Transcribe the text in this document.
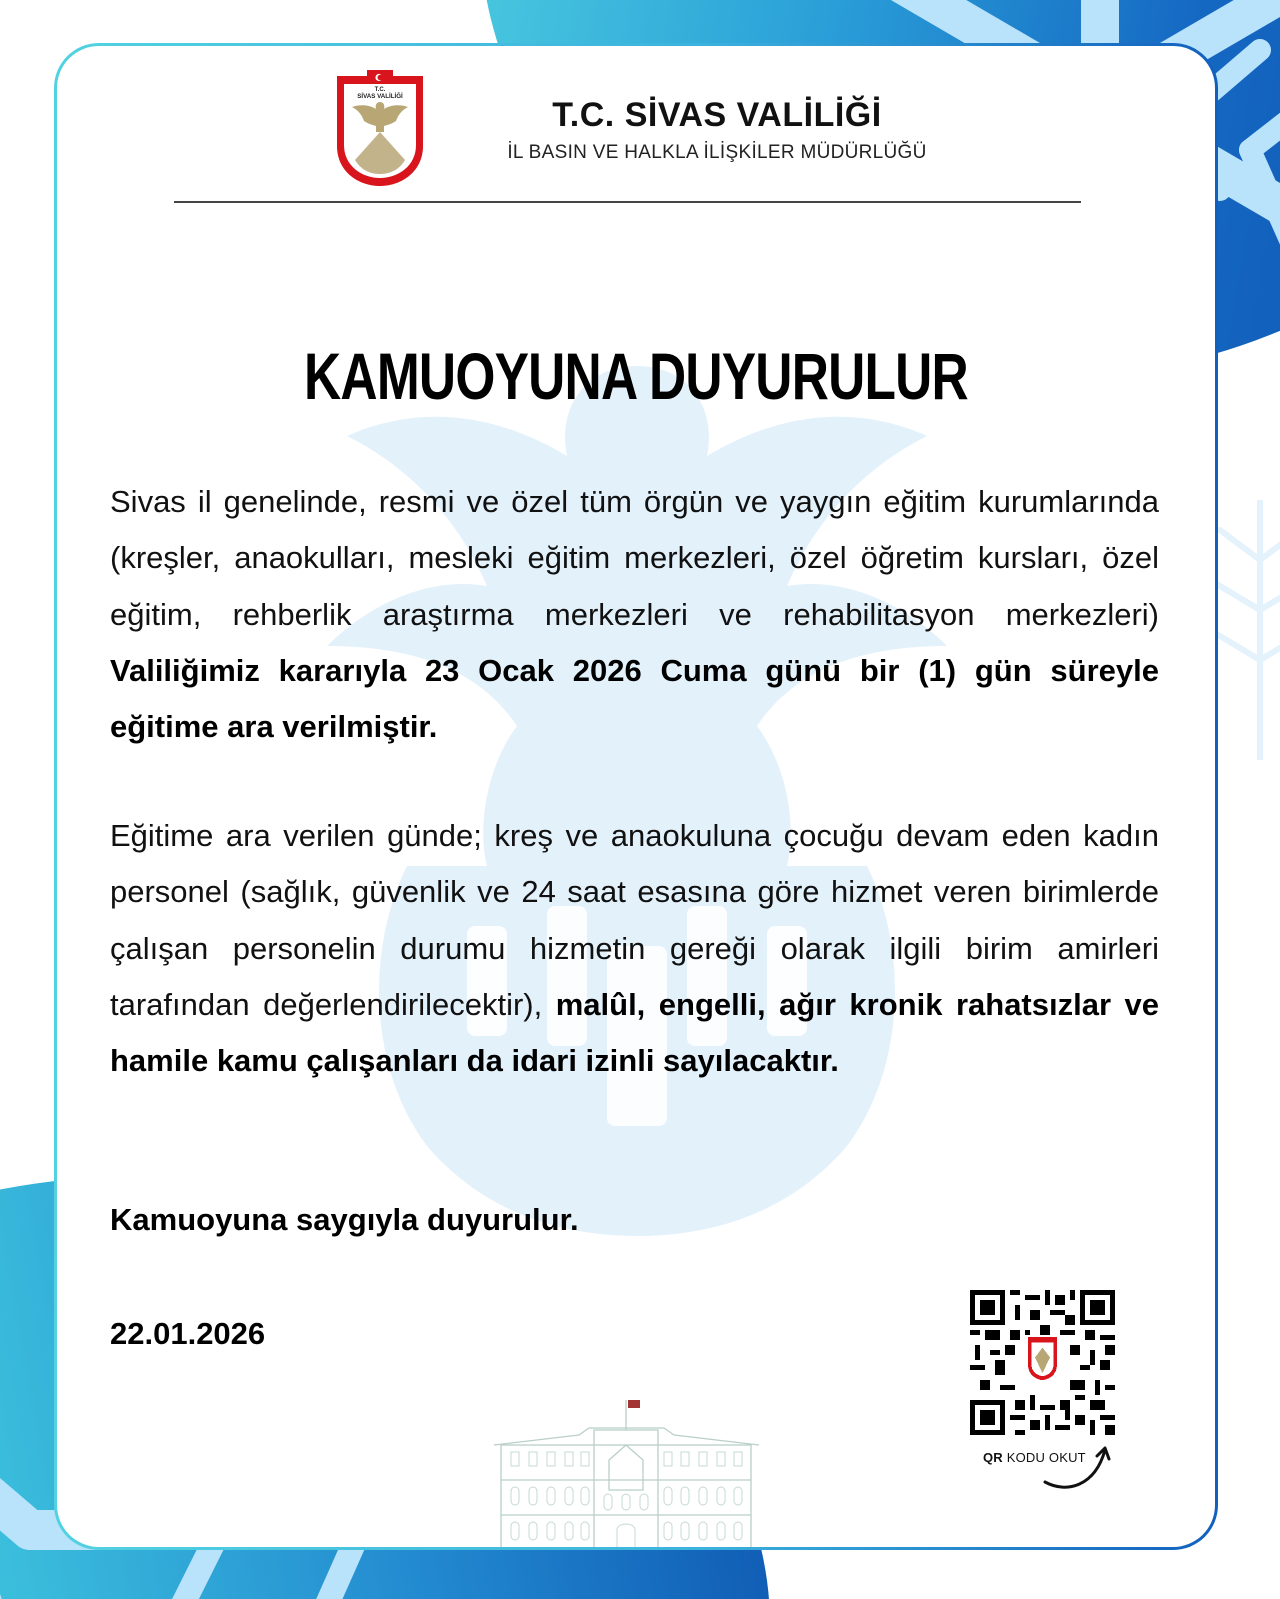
T.C.
SİVAS VALİLİĞİ	T.C. SİVAS VALİLİĞİ
İL BASIN VE HALKLA İLİŞKİLER MÜDÜRLÜĞÜ
KAMUOYUNA DUYURULUR
Sivas il genelinde, resmi ve özel tüm örgün ve yaygın eğitim kurumlarında (kreşler, anaokulları, mesleki eğitim merkezleri, özel öğretim kursları, özel eğitim, rehberlik araştırma merkezleri ve rehabilitasyon merkezleri) Valiliğimiz kararıyla 23 Ocak 2026 Cuma günü bir (1) gün süreyle eğitime ara verilmiştir.
Eğitime ara verilen günde; kreş ve anaokuluna çocuğu devam eden kadın personel (sağlık, güvenlik ve 24 saat esasına göre hizmet veren birimlerde çalışan personelin durumu hizmetin gereği olarak ilgili birim amirleri tarafından değerlendirilecektir), malûl, engelli, ağır kronik rahatsızlar ve hamile kamu çalışanları da idari izinli sayılacaktır.
Kamuoyuna saygıyla duyurulur.
22.01.2026
QR KODU OKUT
